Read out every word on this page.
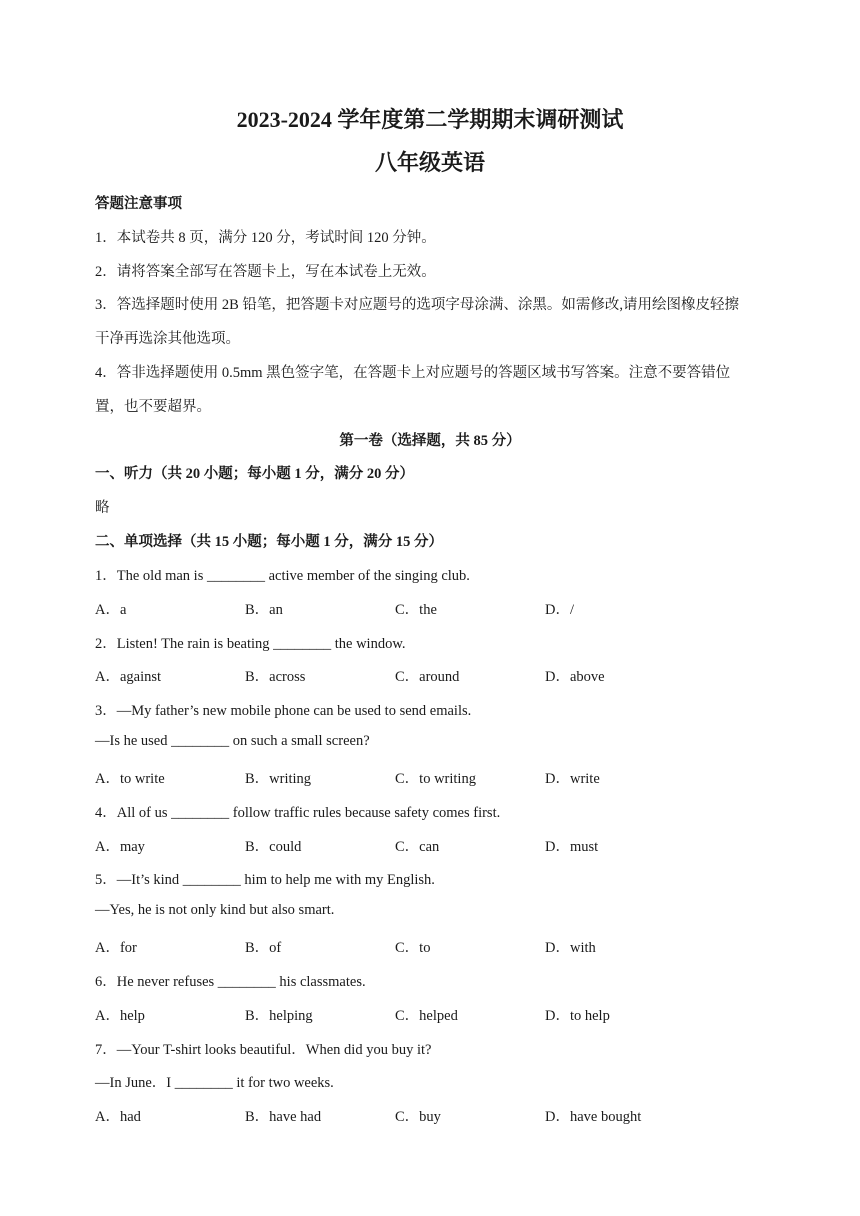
2023-2024 学年度第二学期期末调研测试
八年级英语
答题注意事项
1．本试卷共 8 页，满分 120 分，考试时间 120 分钟。
2．请将答案全部写在答题卡上，写在本试卷上无效。
3．答选择题时使用 2B 铅笔，把答题卡对应题号的选项字母涂满、涂黑。如需修改,请用绘图橡皮轻擦
干净再选涂其他选项。
4．答非选择题使用 0.5mm 黑色签字笔，在答题卡上对应题号的答题区域书写答案。注意不要答错位
置，也不要超界。
第一卷（选择题，共 85 分）
一、听力（共 20 小题；每小题 1 分，满分 20 分）
略
二、单项选择（共 15 小题；每小题 1 分，满分 15 分）
1．The old man is ________ active member of the singing club.
A．a	B．an	C．the	D．/
2．Listen! The rain is beating ________ the window.
A．against	B．across	C．around	D．above
3．—My father’s new mobile phone can be used to send emails.
—Is he used ________ on such a small screen?
A．to write	B．writing	C．to writing	D．write
4．All of us ________ follow traffic rules because safety comes first.
A．may	B．could	C．can	D．must
5．—It’s kind ________ him to help me with my English.
—Yes, he is not only kind but also smart.
A．for	B．of	C．to	D．with
6．He never refuses ________ his classmates.
A．help	B．helping	C．helped	D．to help
7．—Your T-shirt looks beautiful．When did you buy it?
—In June．I ________ it for two weeks.
A．had	B．have had	C．buy	D．have bought
